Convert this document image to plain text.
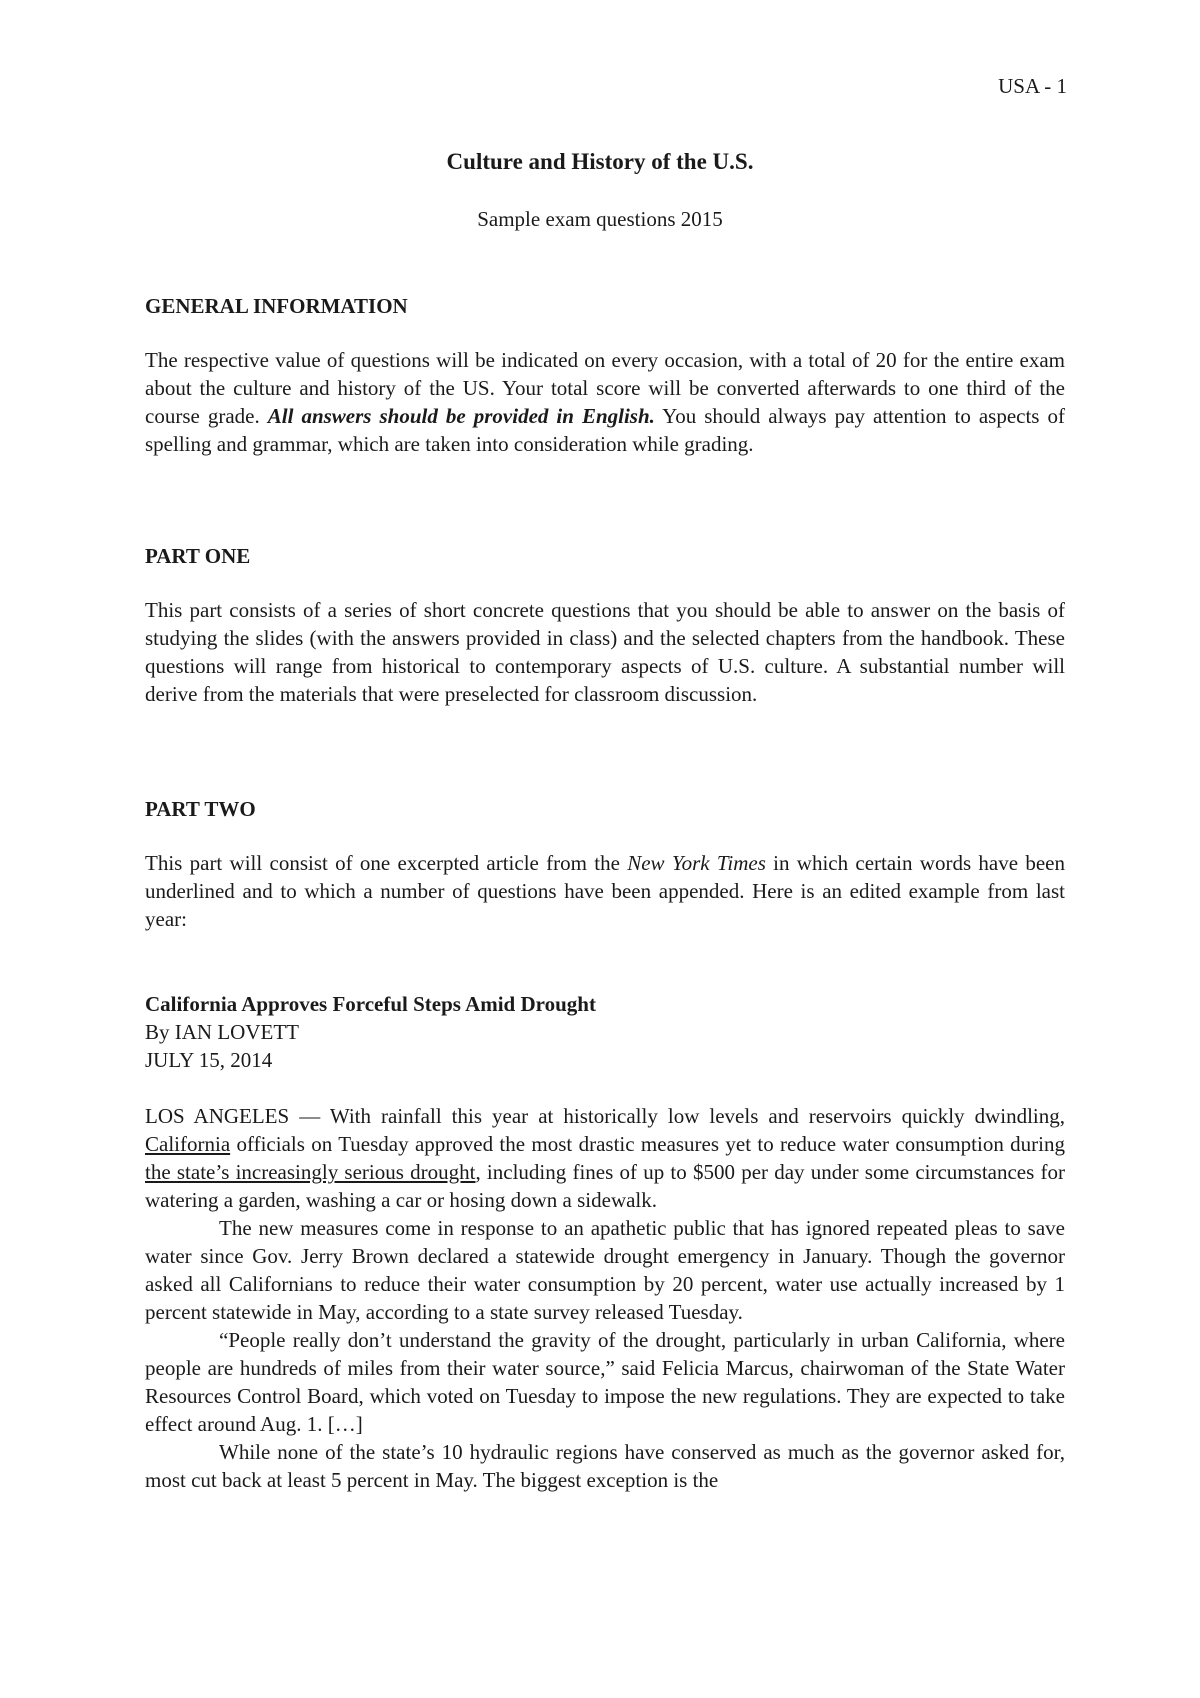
USA - 1
Culture and History of the U.S.
Sample exam questions 2015
GENERAL INFORMATION

The respective value of questions will be indicated on every occasion, with a total of 20 for the entire exam about the culture and history of the US. Your total score will be converted afterwards to one third of the course grade. All answers should be provided in English. You should always pay attention to aspects of spelling and grammar, which are taken into consideration while grading.

PART ONE

This part consists of a series of short concrete questions that you should be able to answer on the basis of studying the slides (with the answers provided in class) and the selected chapters from the handbook. These questions will range from historical to contemporary aspects of U.S. culture. A substantial number will derive from the materials that were preselected for classroom discussion.

PART TWO

This part will consist of one excerpted article from the New York Times in which certain words have been underlined and to which a number of questions have been appended. Here is an edited example from last year:

California Approves Forceful Steps Amid Drought
By IAN LOVETT
JULY 15, 2014

LOS ANGELES — With rainfall this year at historically low levels and reservoirs quickly dwindling, California officials on Tuesday approved the most drastic measures yet to reduce water consumption during the state’s increasingly serious drought, including fines of up to $500 per day under some circumstances for watering a garden, washing a car or hosing down a sidewalk.

The new measures come in response to an apathetic public that has ignored repeated pleas to save water since Gov. Jerry Brown declared a statewide drought emergency in January. Though the governor asked all Californians to reduce their water consumption by 20 percent, water use actually increased by 1 percent statewide in May, according to a state survey released Tuesday.

“People really don’t understand the gravity of the drought, particularly in urban California, where people are hundreds of miles from their water source,” said Felicia Marcus, chairwoman of the State Water Resources Control Board, which voted on Tuesday to impose the new regulations. They are expected to take effect around Aug. 1. […]

While none of the state’s 10 hydraulic regions have conserved as much as the governor asked for, most cut back at least 5 percent in May. The biggest exception is the
